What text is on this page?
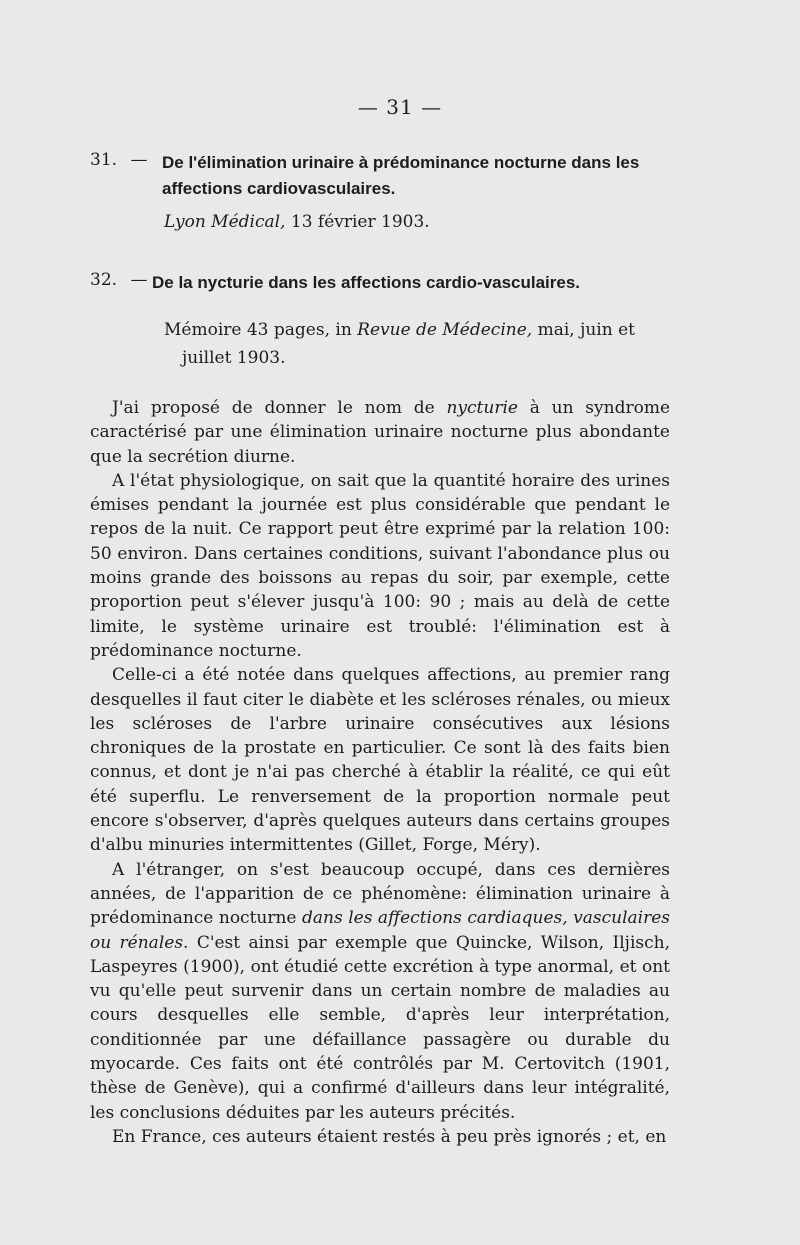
— 31 —
31. — De l'élimination urinaire à prédominance nocturne dans les
affections cardiovasculaires.
Lyon Médical, 13 février 1903.
32. — De la nycturie dans les affections cardio-vasculaires.
Mémoire 43 pages, in Revue de Médecine, mai, juin et
juillet 1903.

J'ai proposé de donner le nom de nycturie à un syndrome caractérisé par une élimination urinaire nocturne plus abondante que la secrétion diurne.

A l'état physiologique, on sait que la quantité horaire des urines émises pendant la journée est plus considérable que pendant le repos de la nuit. Ce rapport peut être exprimé par la relation 100: 50 environ. Dans certaines conditions, suivant l'abondance plus ou moins grande des boissons au repas du soir, par exemple, cette proportion peut s'élever jusqu'à 100: 90 ; mais au delà de cette limite, le système urinaire est troublé: l'élimination est à prédominance nocturne.

Celle-ci a été notée dans quelques affections, au premier rang desquelles il faut citer le diabète et les scléroses rénales, ou mieux les scléroses de l'arbre urinaire consécutives aux lésions chroniques de la prostate en particulier. Ce sont là des faits bien connus, et dont je n'ai pas cherché à établir la réalité, ce qui eût été superflu. Le renversement de la proportion normale peut encore s'observer, d'après quelques auteurs dans certains groupes d'albu minuries intermittentes (Gillet, Forge, Méry).

A l'étranger, on s'est beaucoup occupé, dans ces dernières années, de l'apparition de ce phénomène: élimination urinaire à prédominance nocturne dans les affections cardiaques, vasculaires ou rénales. C'est ainsi par exemple que Quincke, Wilson, Iljisch, Laspeyres (1900), ont étudié cette excrétion à type anormal, et ont vu qu'elle peut survenir dans un certain nombre de maladies au cours desquelles elle semble, d'après leur interprétation, conditionnée par une défaillance passagère ou durable du myocarde. Ces faits ont été contrôlés par M. Certovitch (1901, thèse de Genève), qui a confirmé d'ailleurs dans leur intégralité, les conclusions déduites par les auteurs précités.

En France, ces auteurs étaient restés à peu près ignorés ; et, en
